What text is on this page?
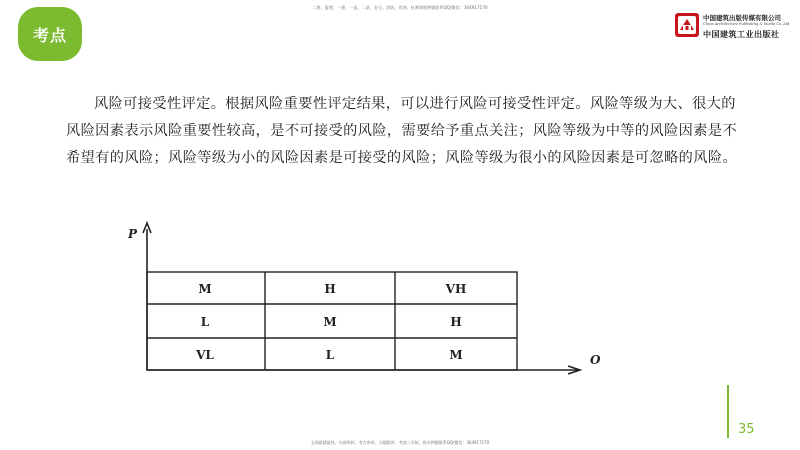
二建、监理、一建、一造、二造、安全、消防、咨询、检测课程押题联系QQ/微信：364917170
考点
中国建筑出版传媒有限公司
China Architecture Publishing & Media Co.,Ltd
中国建筑工业出版社

风险可接受性评定。根据风险重要性评定结果，可以进行风险可接受性评定。风险等级为大、很大的风险因素表示风险重要性较高，是不可接受的风险，需要给予重点关注；风险等级为中等的风险因素是不希望有的风险；风险等级为小的风险因素是可接受的风险；风险等级为很小的风险因素是可忽略的风险。

P
O
M	H	VH
L	M	H
VL	L	M
35
全网最精最快、内部资料、考点串讲、习题精讲、考前三页纸，购买押题联系QQ/微信：364917170
